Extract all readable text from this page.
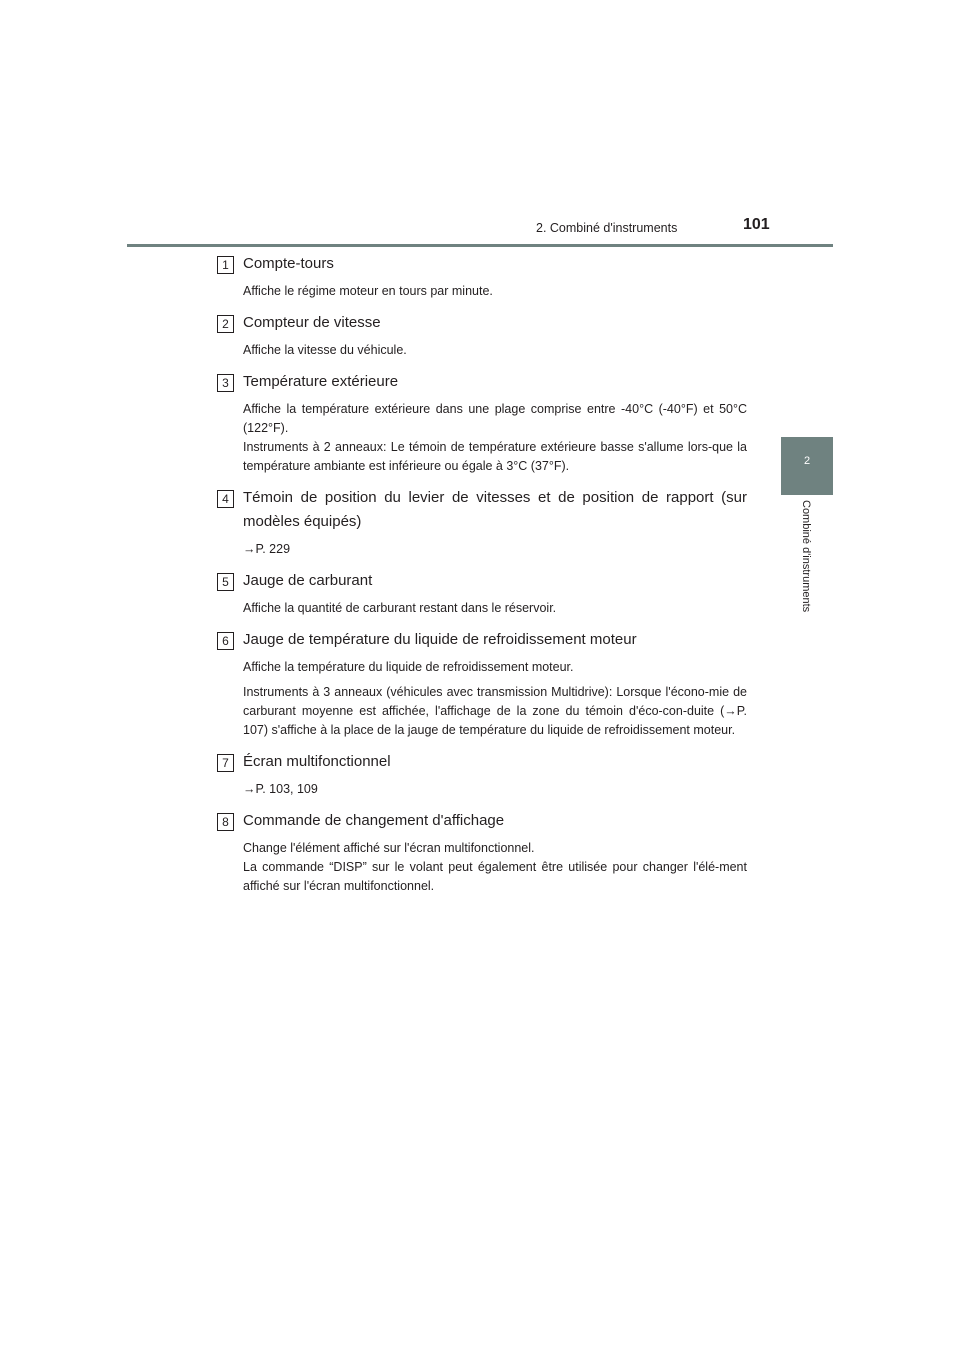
2. Combiné d'instruments	101
2
Combiné d'instruments
1 Compte-tours
Affiche le régime moteur en tours par minute.
2 Compteur de vitesse
Affiche la vitesse du véhicule.
3 Température extérieure
Affiche la température extérieure dans une plage comprise entre -40°C (-40°F) et 50°C (122°F).
Instruments à 2 anneaux: Le témoin de température extérieure basse s'allume lors-que la température ambiante est inférieure ou égale à 3°C (37°F).
4 Témoin de position du levier de vitesses et de position de rapport (sur modèles équipés)
→P. 229
5 Jauge de carburant
Affiche la quantité de carburant restant dans le réservoir.
6 Jauge de température du liquide de refroidissement moteur
Affiche la température du liquide de refroidissement moteur.
Instruments à 3 anneaux (véhicules avec transmission Multidrive): Lorsque l'écono-mie de carburant moyenne est affichée, l'affichage de la zone du témoin d'éco-con-duite (→P. 107) s'affiche à la place de la jauge de température du liquide de refroidissement moteur.
7 Écran multifonctionnel
→P. 103, 109
8 Commande de changement d'affichage
Change l'élément affiché sur l'écran multifonctionnel.
La commande “DISP” sur le volant peut également être utilisée pour changer l'élé-ment affiché sur l'écran multifonctionnel.
